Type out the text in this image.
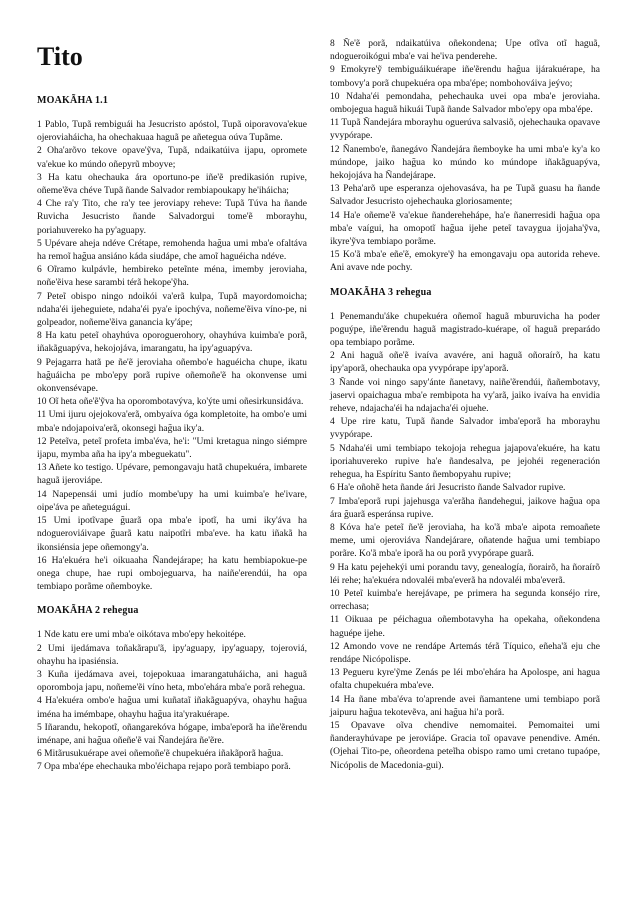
Tito
MOAKÃHA 1.1

1 Pablo, Tupã rembiguái ha Jesucristo apóstol, Tupã oiporavova'ekue ojeroviaháicha, ha ohechakuaa haguã pe añetegua oúva Tupãme.

2 Oha'arõvo tekove opave'ỹva, Tupã, ndaikatúiva ijapu, opromete va'ekue ko múndo oñepyrũ mboyve;

3 Ha katu ohechauka ára oportuno-pe iñe'ẽ predikasión rupive, oñeme'ẽva chéve Tupã ñande Salvador rembiapoukapy he'iháicha;

4 Che ra'y Tito, che ra'y tee jeroviapy reheve: Tupã Túva ha ñande Ruvicha Jesucristo ñande Salvadorgui tome'ẽ mborayhu, poriahuvereko ha py'aguapy.

5 Upévare aheja ndéve Crétape, remohenda hag̃ua umi mba'e ofaltáva ha remoĩ hag̃ua ansiáno káda siudápe, che amoĩ haguéicha ndéve.

6 Oĩramo kulpávle, hembireko peteĩnte ména, imemby jeroviaha, noñe'ẽiva hese sarambi térã hekope'ỹha.

7 Peteĩ obispo ningo ndoikói va'erã kulpa, Tupã mayordomoicha; ndaha'éi ijeheguiete, ndaha'éi pya'e ipochýva, noñeme'ẽiva víno-pe, ni golpeador, noñeme'ẽiva ganancia ky'ápe;

8 Ha katu peteĩ ohayhúva oporoguerohory, ohayhúva kuimba'e porã, iñakãguapýva, hekojojáva, imarangatu, ha ipy'aguapýva.

9 Pejagarra hatã pe ñe'ẽ jeroviaha oñembo'e haguéicha chupe, ikatu hag̃uáicha pe mbo'epy porã rupive oñemoñe'ẽ ha okonvense umi okonvensévape.

10 Oĩ heta oñe'ẽ'ỹva ha oporombotavýva, ko'ýte umi oñesirkunsidáva.

11 Umi ijuru ojejokova'erã, ombyaíva óga kompletoite, ha ombo'e umi mba'e ndojapoiva'erã, okonsegi hag̃ua iky'a.

12 Peteĩva, peteĩ profeta imba'éva, he'i: "Umi kretagua ningo siémpre ijapu, mymba aña ha ipy'a mbeguekatu".

13 Añete ko testigo. Upévare, pemongavaju hatã chupekuéra, imbarete haguã ijeroviápe.

14 Napepensái umi judío mombe'upy ha umi kuimba'e he'ivare, oipe'áva pe añeteguágui.

15 Umi ipotĩvape g̃uarã opa mba'e ipotĩ, ha umi iky'áva ha ndogueroviáivape g̃uarã katu naipotĩri mba'eve. ha katu iñakã ha ikonsiénsia jepe oñemongy'a.

16 Ha'ekuéra he'i oikuaaha Ñandejárape; ha katu hembiapokue-pe onega chupe, hae rupi ombojeguarva, ha naiñe'erendúi, ha opa tembiapo porãme oñemboyke.

MOAKÃHA 2 rehegua

1 Nde katu ere umi mba'e oikótava mbo'epy hekoitépe.

2 Umi ijedámava toñakãrapu'ã, ipy'aguapy, ipy'aguapy, tojeroviá, ohayhu ha ipasiénsia.

3 Kuña ijedámava avei, tojepokuaa imarangatuháicha, ani haguã oporomboja japu, noñeme'ẽi víno heta, mbo'ehára mba'e porã rehegua.

4 Ha'ekuéra ombo'e hag̃ua umi kuñataĩ iñakãguapýva, ohayhu hag̃ua iména ha imémbape, ohayhu hag̃ua ita'yrakuérape.

5 Iñarandu, hekopotĩ, oñangarekóva hógape, imba'eporã ha iñe'ẽrendu iménape, ani hag̃ua oñeñe'ẽ vai Ñandejára ñe'ẽre.

6 Mitãrusukuérape avei oñemoñe'ẽ chupekuéra iñakãporã hag̃ua.

7 Opa mba'épe ehechauka mbo'éichapa rejapo porã tembiapo porã.

8 Ñe'ẽ porã, ndaikatúiva oñekondena; Upe otĩva otĩ haguã, ndogueroikógui mba'e vai he'iva penderehe.

9 Emokyre'ỹ tembiguáikuérape iñe'ẽrendu hag̃ua ijárakuérape, ha tombovy'a porã chupekuéra opa mba'épe; nombohováiva jeývo;

10 Ndaha'éi pemondaha, pehechauka uvei opa mba'e jeroviaha. ombojegua haguã hikuái Tupã ñande Salvador mbo'epy opa mba'épe.

11 Tupã Ñandejára mborayhu oguerúva salvasiõ, ojehechauka opavave yvypórape.

12 Ñanembo'e, ñanegávo Ñandejára ñemboyke ha umi mba'e ky'a ko múndope, jaiko hag̃ua ko múndo ko múndope iñakãguapýva, hekojojáva ha Ñandejárape.

13 Peha'arõ upe esperanza ojehovasáva, ha pe Tupã guasu ha ñande Salvador Jesucristo ojehechauka gloriosamente;

14 Ha'e oñeme'ẽ va'ekue ñanderehehápe, ha'e ñanerresidi hag̃ua opa mba'e vaígui, ha omopotĩ hag̃ua ijehe peteĩ tavayguа ijojaha'ỹva, ikyre'ỹva tembiapo porãme.

15 Ko'ã mba'e eñe'ẽ, emokyre'ỹ ha emongavaju opa autorida reheve. Ani avave nde pochy.

MOAKÃHA 3 rehegua

1 Penemandu'áke chupekuéra oñemoĩ haguã mburuvicha ha poder poguýpe, iñe'ẽrendu haguã magistrado-kuérape, oĩ haguã preparádo opa tembiapo porãme.

2 Ani haguã oñe'ẽ ivaíva avavére, ani haguã oñoraírõ, ha katu ipy'aporã, ohechauka opa yvypórape ipy'aporã.

3 Ñande voi ningo sapy'ánte ñanetavy, naiñe'ẽrendúi, ñañembotavy, jaservi opaichagua mba'e rembipota ha vy'arã, jaiko ivaíva ha envidia reheve, ndajacha'éi ha ndajacha'éi ojuehe.

4 Upe rire katu, Tupã ñande Salvador imba'eporã ha mborayhu yvypórape.

5 Ndaha'éi umi tembiapo tekojoja rehegua jajapova'ekuére, ha katu iporiahuvereko rupive ha'e ñandesalva, pe jejohéi regeneración rehegua, ha Espíritu Santo ñembopyahu rupive;

6 Ha'e oñohẽ heta ñande ári Jesucristo ñande Salvador rupive.

7 Imba'eporã rupi jajehusga va'erãha ñandehegui, jaikove hag̃ua opa ára g̃uarã esperánsa rupive.

8 Kóva ha'e peteĩ ñe'ẽ jeroviaha, ha ko'ã mba'e aipota remoañete meme, umi ojeroviáva Ñandejárare, oñatende hag̃ua umi tembiapo porãre. Ko'ã mba'e iporã ha ou porã yvypórape guarã.

9 Ha katu pejehekýi umi porandu tavy, genealogía, ñorairõ, ha ñoraírõ léi rehe; ha'ekuéra ndovaléi mba'everã ha ndovaléi mba'everã.

10 Peteĩ kuimba'e herejávape, pe primera ha segunda konséjo rire, orrechasa;

11 Oikuaa pe péichagua oñembotavyha ha opekaha, oñekondena haguépe ijehe.

12 Amondo vove ne rendápe Artemás térã Tíquico, eñeha'ã eju che rendápe Nicópolispe.

13 Pegueru kyre'ỹme Zenás pe léi mbo'ehára ha Apolospe, ani hagua ofalta chupekuéra mba'eve.

14 Ha ñane mba'éva to'aprende avei ñamantene umi tembiapo porã jaipuru hag̃ua tekotevẽva, ani hag̃ua hi'a porã.

15 Opavave oĩva chendive nemomaitei. Pemomaitei umi ñanderayhúvape pe jeroviápe. Gracia toĩ opavave penendive. Amén. (Ojehai Tito-pe, oñeordena peteĩha obispo ramo umi cretano tupaópe, Nicópolis de Macedonia-gui).
